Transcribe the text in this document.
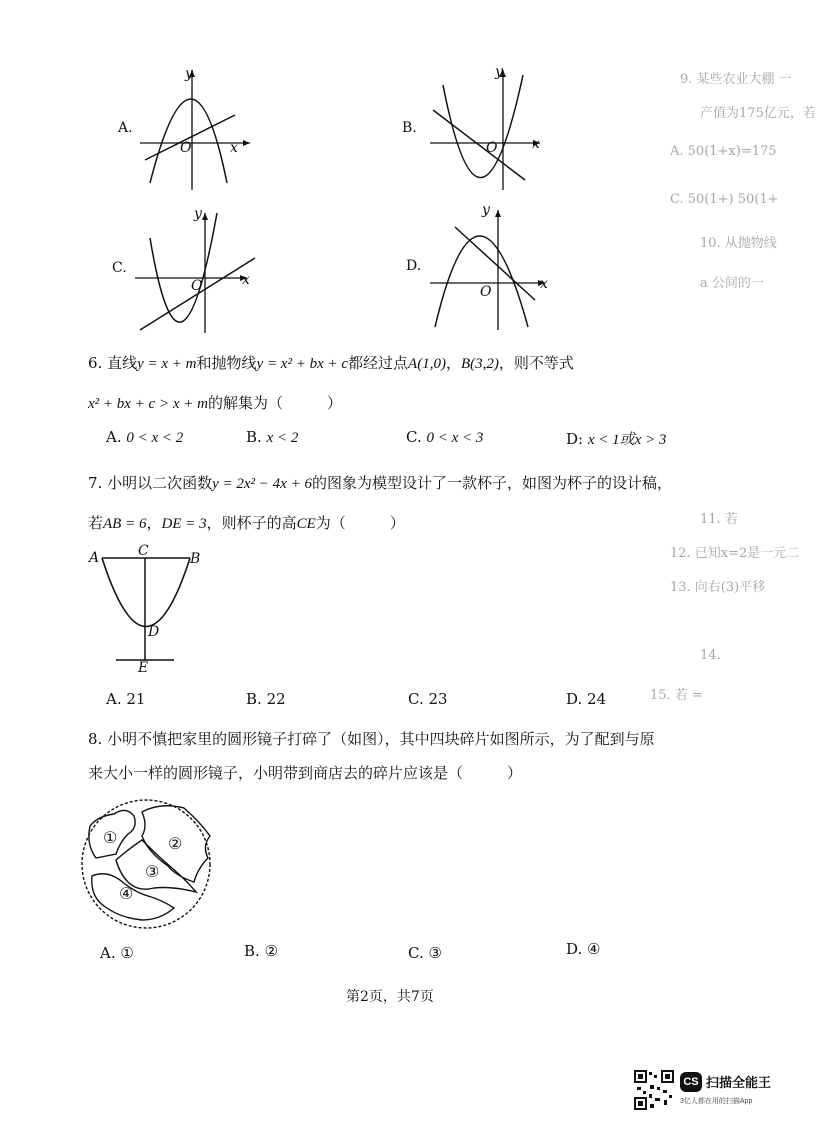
A.
y
x
O
B.
y
x
O
C.
y
x
O
D.
y
x
O
9. 某些农业大棚 一
产值为175亿元，若
A. 50(1+x)=175
C. 50(1+) 50(1+
10. 从抛物线
a 公间的一
11. 若
12. 已知x=2是一元二
13. 向右(3)平移
14.
15. 若 =
6. 直线y = x + m和抛物线y = x² + bx + c都经过点A(1,0)，B(3,2)，则不等式
x² + bx + c > x + m的解集为（	）
A. 0 < x < 2	B. x < 2	C. 0 < x < 3	D: x < 1或x > 3
7. 小明以二次函数y = 2x² − 4x + 6的图象为模型设计了一款杯子，如图为杯子的设计稿，
若AB = 6，DE = 3，则杯子的高CE为（	）
A	C	B
D
E
A. 21	B. 22	C. 23	D. 24
8. 小明不慎把家里的圆形镜子打碎了（如图），其中四块碎片如图所示，为了配到与原
来大小一样的圆形镜子，小明带到商店去的碎片应该是（	）
①	②
③
④
A. ①	B. ②	C. ③	D. ④
第2页，共7页
CS 扫描全能王
3亿人都在用的扫描App
